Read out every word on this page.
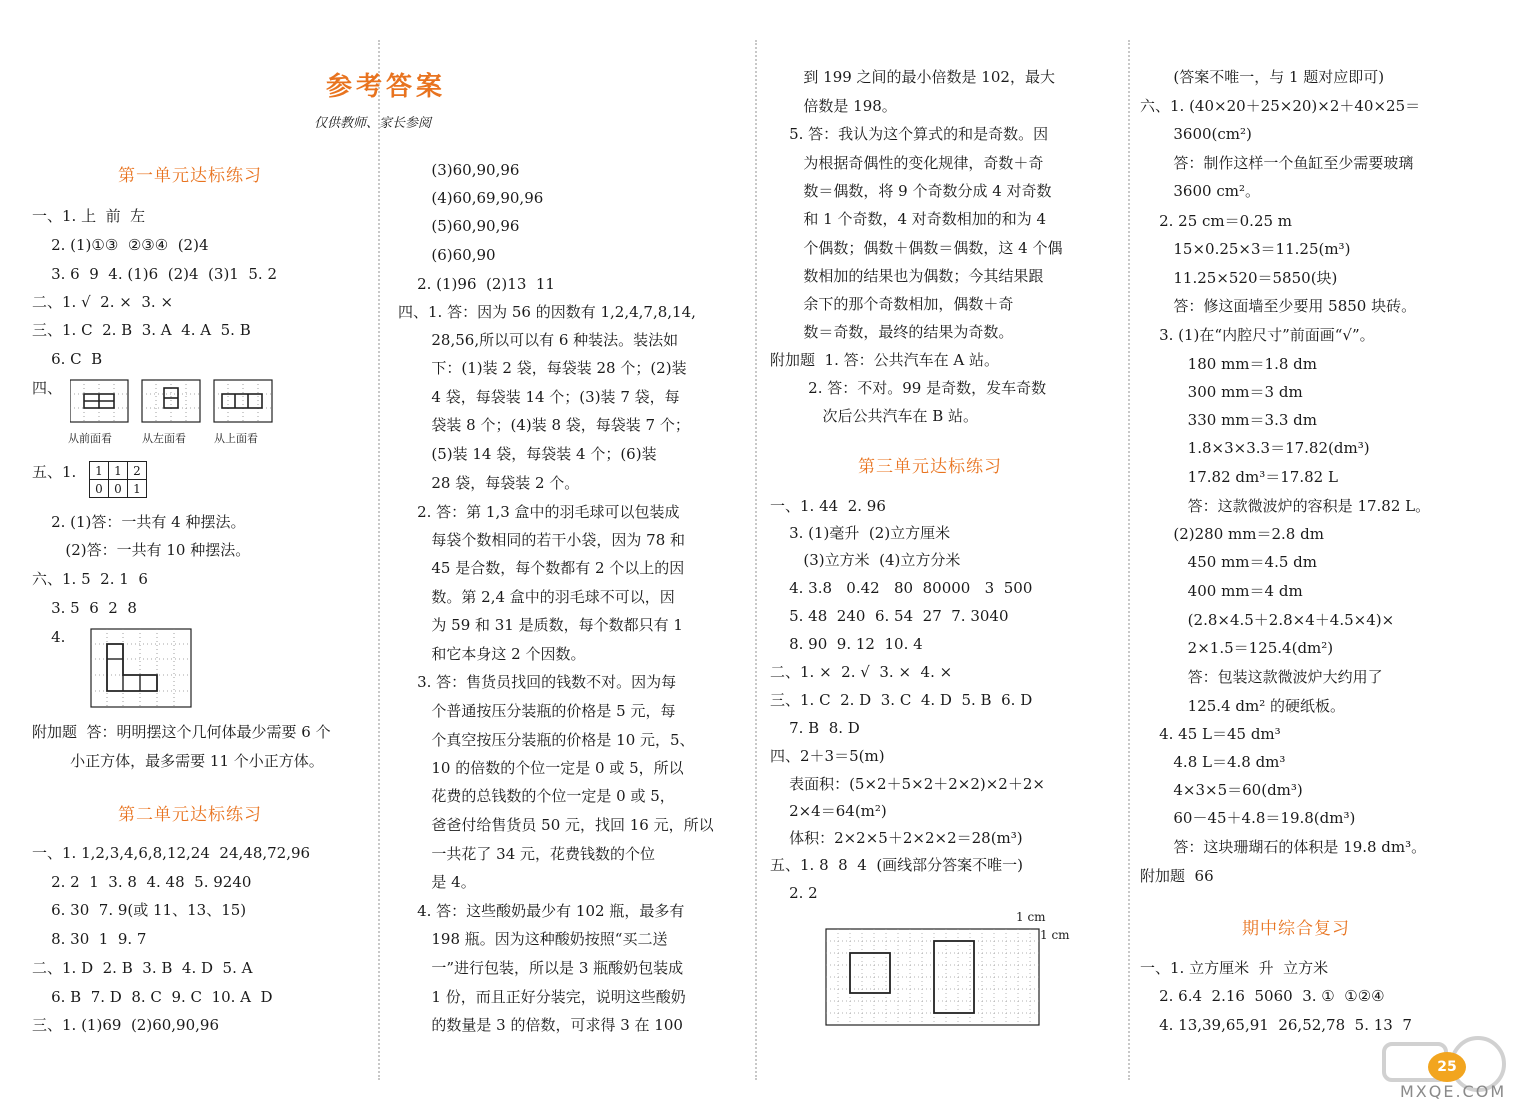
参考答案
仅供教师、家长参阅
第一单元达标练习
一、1. 上  前  左
2. (1)①③  ②③④  (2)4
3. 6  9  4. (1)6  (2)4  (3)1  5. 2
二、1. √  2. ×  3. ×
三、1. C  2. B  3. A  4. A  5. B
6. C  B
四、
从前面看	从左面看	从上面看
五、1. 1	1	2
0	0	1
2. (1)答：一共有 4 种摆法。
(2)答：一共有 10 种摆法。
六、1. 5  2. 1  6
3. 5  6  2  8
4.
附加题  答：明明摆这个几何体最少需要 6 个
小正方体，最多需要 11 个小正方体。
第二单元达标练习
一、1. 1,2,3,4,6,8,12,24  24,48,72,96
2. 2  1  3. 8  4. 48  5. 9240
6. 30  7. 9(或 11、13、15)
8. 30  1  9. 7
二、1. D  2. B  3. B  4. D  5. A
6. B  7. D  8. C  9. C  10. A  D
三、1. (1)69  (2)60,90,96
(3)60,90,96
(4)60,69,90,96
(5)60,90,96
(6)60,90
2. (1)96  (2)13  11
四、1. 答：因为 56 的因数有 1,2,4,7,8,14,
28,56,所以可以有 6 种装法。装法如
下：(1)装 2 袋，每袋装 28 个；(2)装
4 袋，每袋装 14 个；(3)装 7 袋，每
袋装 8 个；(4)装 8 袋，每袋装 7 个；
(5)装 14 袋，每袋装 4 个；(6)装
28 袋，每袋装 2 个。
2. 答：第 1,3 盒中的羽毛球可以包装成
每袋个数相同的若干小袋，因为 78 和
45 是合数，每个数都有 2 个以上的因
数。第 2,4 盒中的羽毛球不可以，因
为 59 和 31 是质数，每个数都只有 1
和它本身这 2 个因数。
3. 答：售货员找回的钱数不对。因为每
个普通按压分装瓶的价格是 5 元，每
个真空按压分装瓶的价格是 10 元，5、
10 的倍数的个位一定是 0 或 5，所以
花费的总钱数的个位一定是 0 或 5，
爸爸付给售货员 50 元，找回 16 元，所以
一共花了 34 元，花费钱数的个位
是 4。
4. 答：这些酸奶最少有 102 瓶，最多有
198 瓶。因为这种酸奶按照“买二送
一”进行包装，所以是 3 瓶酸奶包装成
1 份，而且正好分装完，说明这些酸奶
的数量是 3 的倍数，可求得 3 在 100
到 199 之间的最小倍数是 102，最大
倍数是 198。
5. 答：我认为这个算式的和是奇数。因
为根据奇偶性的变化规律，奇数＋奇
数＝偶数，将 9 个奇数分成 4 对奇数
和 1 个奇数，4 对奇数相加的和为 4
个偶数；偶数＋偶数＝偶数，这 4 个偶
数相加的结果也为偶数；今其结果跟
余下的那个奇数相加，偶数＋奇
数＝奇数，最终的结果为奇数。
附加题  1. 答：公共汽车在 A 站。
2. 答：不对。99 是奇数，发车奇数
次后公共汽车在 B 站。
第三单元达标练习
一、1. 44  2. 96
3. (1)毫升  (2)立方厘米
(3)立方米  (4)立方分米
4. 3.8   0.42   80  80000   3  500
5. 48  240  6. 54  27  7. 3040
8. 90  9. 12  10. 4
二、1. ×  2. √  3. ×  4. ×
三、1. C  2. D  3. C  4. D  5. B  6. D
7. B  8. D
四、2＋3＝5(m)
表面积：(5×2＋5×2＋2×2)×2＋2×
2×4＝64(m²)
体积：2×2×5＋2×2×2＝28(m³)
五、1. 8  8  4  (画线部分答案不唯一)
2. 2
1 cm
1 cm
(答案不唯一，与 1 题对应即可)
六、1. (40×20＋25×20)×2＋40×25＝
3600(cm²)
答：制作这样一个鱼缸至少需要玻璃
3600 cm²。
2. 25 cm＝0.25 m
15×0.25×3＝11.25(m³)
11.25×520＝5850(块)
答：修这面墙至少要用 5850 块砖。
3. (1)在“内腔尺寸”前面画“√”。
180 mm＝1.8 dm
300 mm＝3 dm
330 mm＝3.3 dm
1.8×3×3.3＝17.82(dm³)
17.82 dm³＝17.82 L
答：这款微波炉的容积是 17.82 L。
(2)280 mm＝2.8 dm
450 mm＝4.5 dm
400 mm＝4 dm
(2.8×4.5＋2.8×4＋4.5×4)×
2×1.5＝125.4(dm²)
答：包装这款微波炉大约用了
125.4 dm² 的硬纸板。
4. 45 L＝45 dm³
4.8 L＝4.8 dm³
4×3×5＝60(dm³)
60－45＋4.8＝19.8(dm³)
答：这块珊瑚石的体积是 19.8 dm³。
附加题  66
期中综合复习
一、1. 立方厘米  升  立方米
2. 6.4  2.16  5060  3. ①  ①②④
4. 13,39,65,91  26,52,78  5. 13  7
MXQE.COM
25
